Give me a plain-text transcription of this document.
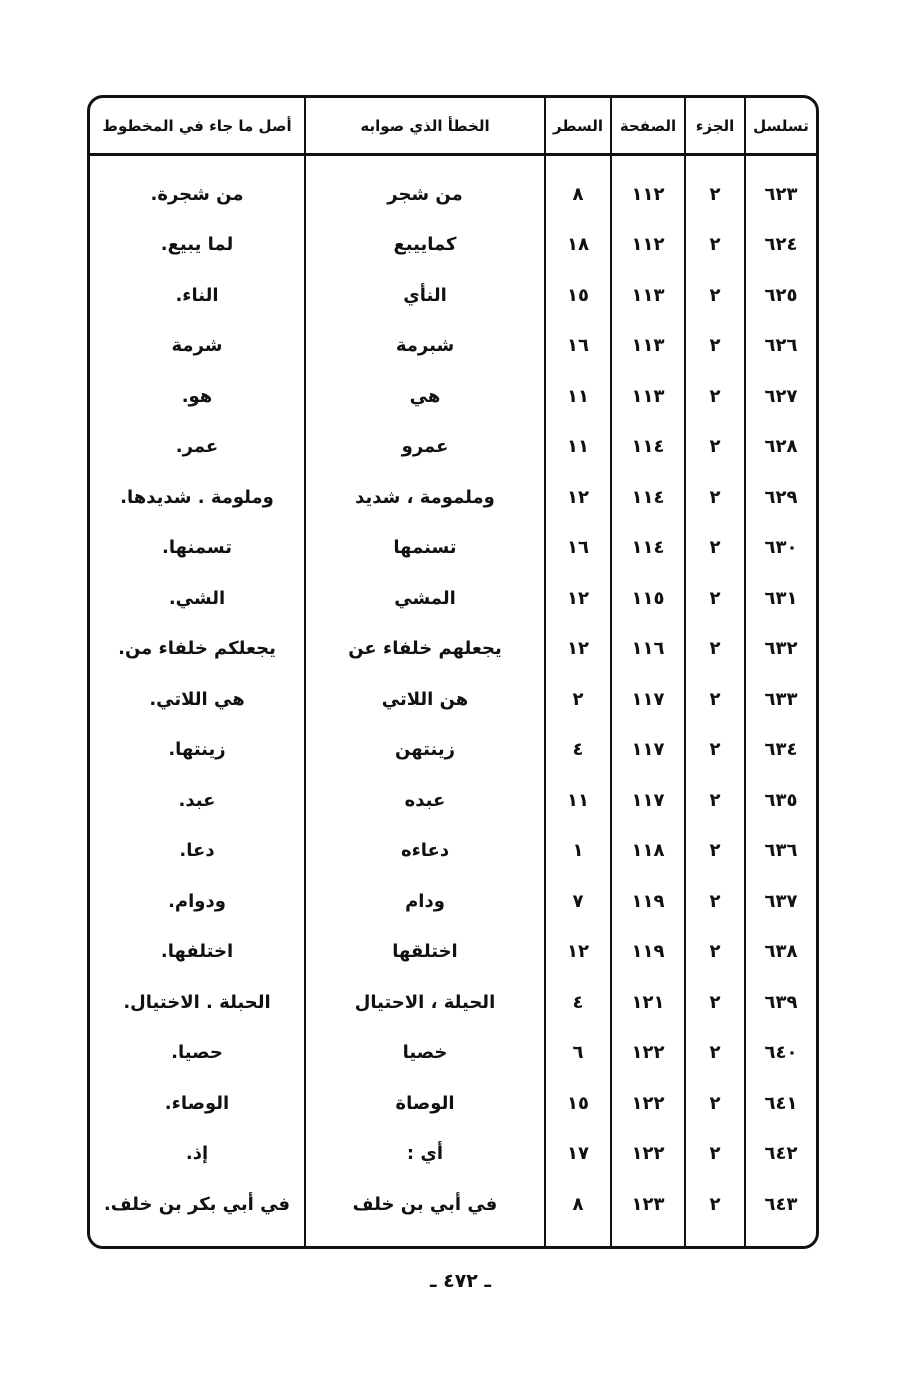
تسلسل	الجزء	الصفحة	السطر	الخطأ الذي صوابه	أصل ما جاء في المخطوط

٦٢٣	٢	١١٢	٨	من شجر	من شجرة.
٦٢٤	٢	١١٢	١٨	كماييبع	لما يبيع.
٦٢٥	٢	١١٣	١٥	النأي	الناء.
٦٢٦	٢	١١٣	١٦	شبرمة	شرمة
٦٢٧	٢	١١٣	١١	هي	هو.
٦٢٨	٢	١١٤	١١	عمرو	عمر.
٦٢٩	٢	١١٤	١٢	وملمومة ، شديد	وملومة . شديدها.
٦٣٠	٢	١١٤	١٦	تسنمها	تسمنها.
٦٣١	٢	١١٥	١٢	المشي	الشي.
٦٣٢	٢	١١٦	١٢	يجعلهم خلفاء عن	يجعلكم خلفاء من.
٦٣٣	٢	١١٧	٢	هن اللاتي	هي اللاتي.
٦٣٤	٢	١١٧	٤	زينتهن	زينتها.
٦٣٥	٢	١١٧	١١	عبده	عبد.
٦٣٦	٢	١١٨	١	دعاءه	دعا.
٦٣٧	٢	١١٩	٧	ودام	ودوام.
٦٣٨	٢	١١٩	١٢	اختلقها	اختلفها.
٦٣٩	٢	١٢١	٤	الحيلة ، الاحتيال	الحبلة . الاختيال.
٦٤٠	٢	١٢٢	٦	خصيا	حصيا.
٦٤١	٢	١٢٢	١٥	الوصاة	الوصاء.
٦٤٢	٢	١٢٢	١٧	أي :	إذ.
٦٤٣	٢	١٢٣	٨	في أبي بن خلف	في أبي بكر بن خلف.

ـ ٤٧٢ ـ
